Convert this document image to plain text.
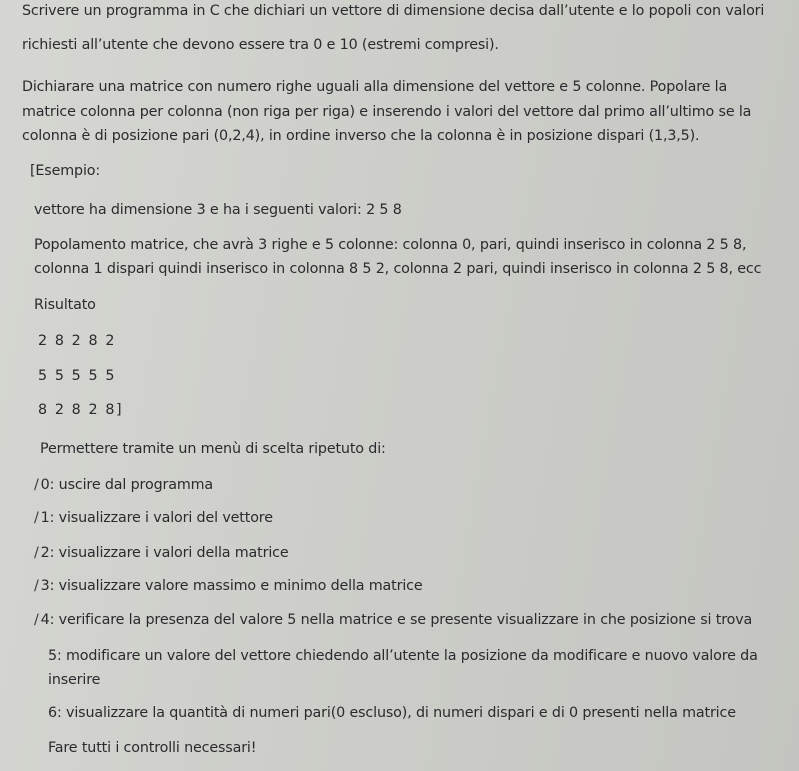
Scrivere un programma in C che dichiari un vettore di dimensione decisa dall’utente e lo popoli con valori
richiesti all’utente che devono essere tra 0 e 10 (estremi compresi).
Dichiarare una matrice con numero righe uguali alla dimensione del vettore e 5 colonne. Popolare la
matrice colonna per colonna (non riga per riga) e inserendo i valori del vettore dal primo all’ultimo se la
colonna è di posizione pari (0,2,4), in ordine inverso che la colonna è in posizione dispari (1,3,5).
[Esempio:
vettore ha dimensione 3 e ha i seguenti valori: 2 5 8
Popolamento matrice, che avrà 3 righe e 5 colonne: colonna 0, pari, quindi inserisco in colonna 2 5 8,
colonna 1 dispari quindi inserisco in colonna 8 5 2, colonna 2 pari, quindi inserisco in colonna 2 5 8, ecc
Risultato
2 8 2 8 2
5 5 5 5 5
8 2 8 2 8]
Permettere tramite un menù di scelta ripetuto di:
/ 0: uscire dal programma
/ 1: visualizzare i valori del vettore
/ 2: visualizzare i valori della matrice
/ 3: visualizzare valore massimo e minimo della matrice
/ 4: verificare la presenza del valore 5 nella matrice e se presente visualizzare in che posizione si trova
5: modificare un valore del vettore chiedendo all’utente la posizione da modificare e nuovo valore da
inserire
6: visualizzare la quantità di numeri pari(0 escluso), di numeri dispari e di 0 presenti nella matrice
Fare tutti i controlli necessari!
